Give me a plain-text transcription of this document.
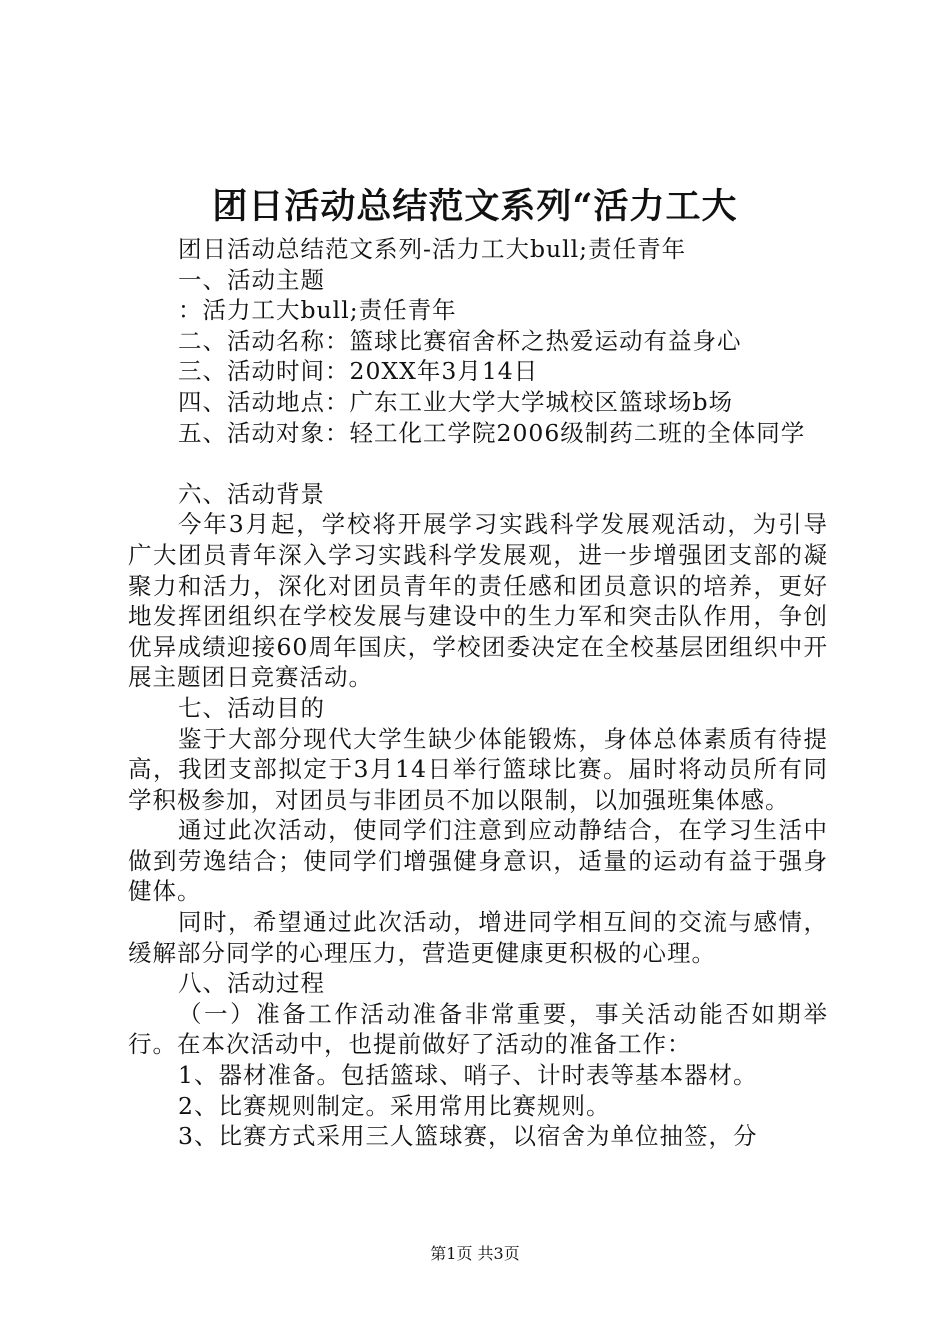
团日活动总结范文系列“活力工大
团日活动总结范文系列-活力工大bull;责任青年
一、活动主题
：活力工大bull;责任青年
二、活动名称：篮球比赛宿舍杯之热爱运动有益身心
三、活动时间：20XX年3月14日
四、活动地点：广东工业大学大学城校区篮球场b场
五、活动对象：轻工化工学院2006级制药二班的全体同学
六、活动背景
今年3月起，学校将开展学习实践科学发展观活动，为引导广大团员青年深入学习实践科学发展观，进一步增强团支部的凝聚力和活力，深化对团员青年的责任感和团员意识的培养，更好地发挥团组织在学校发展与建设中的生力军和突击队作用，争创优异成绩迎接60周年国庆，学校团委决定在全校基层团组织中开展主题团日竞赛活动。
七、活动目的
鉴于大部分现代大学生缺少体能锻炼，身体总体素质有待提高，我团支部拟定于3月14日举行篮球比赛。届时将动员所有同学积极参加，对团员与非团员不加以限制，以加强班集体感。
通过此次活动，使同学们注意到应动静结合，在学习生活中做到劳逸结合；使同学们增强健身意识，适量的运动有益于强身健体。
同时，希望通过此次活动，增进同学相互间的交流与感情，缓解部分同学的心理压力，营造更健康更积极的心理。
八、活动过程
（一）准备工作活动准备非常重要，事关活动能否如期举行。在本次活动中，也提前做好了活动的准备工作：
1、器材准备。包括篮球、哨子、计时表等基本器材。
2、比赛规则制定。采用常用比赛规则。
3、比赛方式采用三人篮球赛，以宿舍为单位抽签，分
第1页 共3页
